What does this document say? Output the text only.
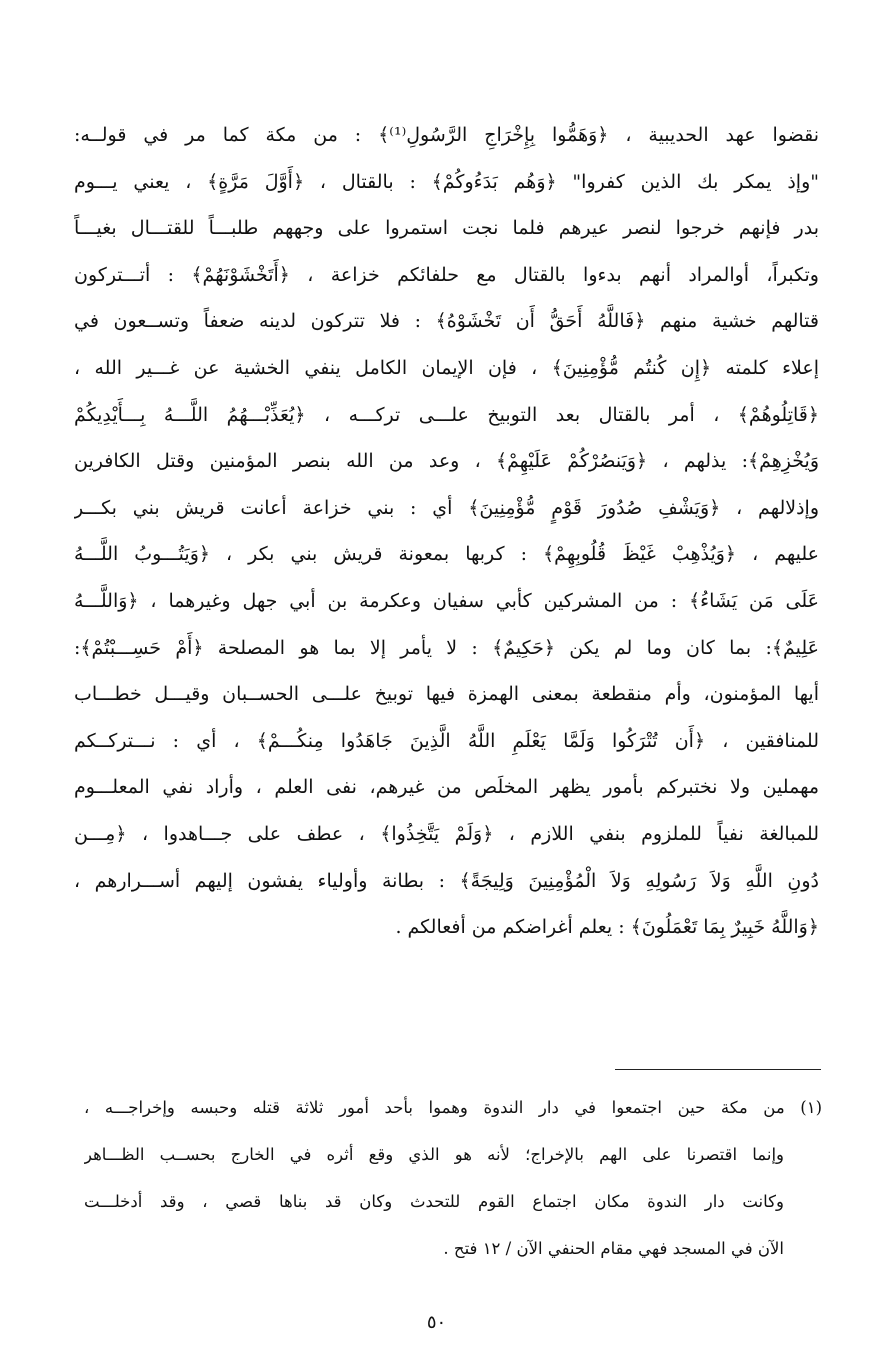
نقضوا عهد الحديبية ، ﴿وَهَمُّوا بِإِخْرَاجِ الرَّسُولِ⁽¹⁾﴾ : من مكة كما مر في قولــه:
"وإذ يمكر بك الذين كفروا" ﴿وَهُم بَدَءُوكُمْ﴾ : بالقتال ، ﴿أَوَّلَ مَرَّةٍ﴾ ، يعني يـــوم
بدر فإنهم خرجوا لنصر عيرهم فلما نجت استمروا على وجههم طلبـــاً للقتـــال بغيـــاً
وتكبراً، أوالمراد أنهم بدءوا بالقتال مع حلفائكم خزاعة ، ﴿أَتَخْشَوْنَهُمْ﴾ : أتـــتركون
قتالهم خشية منهم ﴿فَاللَّهُ أَحَقُّ أَن تَخْشَوْهُ﴾ : فلا تتركون لدينه ضعفاً وتســعون في
إعلاء كلمته ﴿إِن كُنتُم مُّؤْمِنِينَ﴾ ، فإن الإيمان الكامل ينفي الخشية عن غـــير الله ،
﴿قَاتِلُوهُمْ﴾ ، أمر بالقتال بعد التوبيخ علـــى تركـــه ، ﴿يُعَذِّبْـــهُمُ اللَّـــهُ بِـــأَيْدِيكُمْ
وَيُخْزِهِمْ﴾: يذلهم ، ﴿وَيَنصُرْكُمْ عَلَيْهِمْ﴾ ، وعد من الله بنصر المؤمنين وقتل الكافرين
وإذلالهم ، ﴿وَيَشْفِ صُدُورَ قَوْمٍ مُّؤْمِنِينَ﴾ أي : بني خزاعة أعانت قريش بني بكـــر
عليهم ، ﴿وَيُذْهِبْ غَيْظَ قُلُوبِهِمْ﴾ : كربها بمعونة قريش بني بكر ، ﴿وَيَتُـــوبُ اللَّـــهُ
عَلَى مَن يَشَاءُ﴾ : من المشركين كأبي سفيان وعكرمة بن أبي جهل وغيرهما ، ﴿وَاللَّـــهُ
عَلِيمٌ﴾: بما كان وما لم يكن ﴿حَكِيمٌ﴾ : لا يأمر إلا بما هو المصلحة ﴿أَمْ حَسِـــبْتُمْ﴾:
أيها المؤمنون، وأم منقطعة بمعنى الهمزة فيها توبيخ علـــى الحســبان وقيـــل خطـــاب
للمنافقين ، ﴿أَن تُتْرَكُوا وَلَمَّا يَعْلَمِ اللَّهُ الَّذِينَ جَاهَدُوا مِنكُـــمْ﴾ ، أي : نـــتركــكم
مهملين ولا نختبركم بأمور يظهر المخلَص من غيرهم، نفى العلم ، وأراد نفي المعلـــوم
للمبالغة نفياً للملزوم بنفي اللازم ، ﴿وَلَمْ يَتَّخِذُوا﴾ ، عطف على جـــاهدوا ، ﴿مِـــن
دُونِ اللَّهِ وَلاَ رَسُولِهِ وَلاَ الْمُؤْمِنِينَ وَلِيجَةً﴾ : بطانة وأولياء يفشون إليهم أســـرارهم ،
﴿وَاللَّهُ خَبِيرٌ بِمَا تَعْمَلُونَ﴾ : يعلم أغراضكم من أفعالكم .
(١) من مكة حين اجتمعوا في دار الندوة وهموا بأحد أمور ثلاثة قتله وحبسه وإخراجـــه ،
وإنما اقتصرنا على الهم بالإخراج؛ لأنه هو الذي وقع أثره في الخارج بحســب الظـــاهر
وكانت دار الندوة مكان اجتماع القوم للتحدث وكان قد بناها قصي ، وقد أدخلـــت
الآن في المسجد فهي مقام الحنفي الآن / ١٢ فتح .
٥٠
